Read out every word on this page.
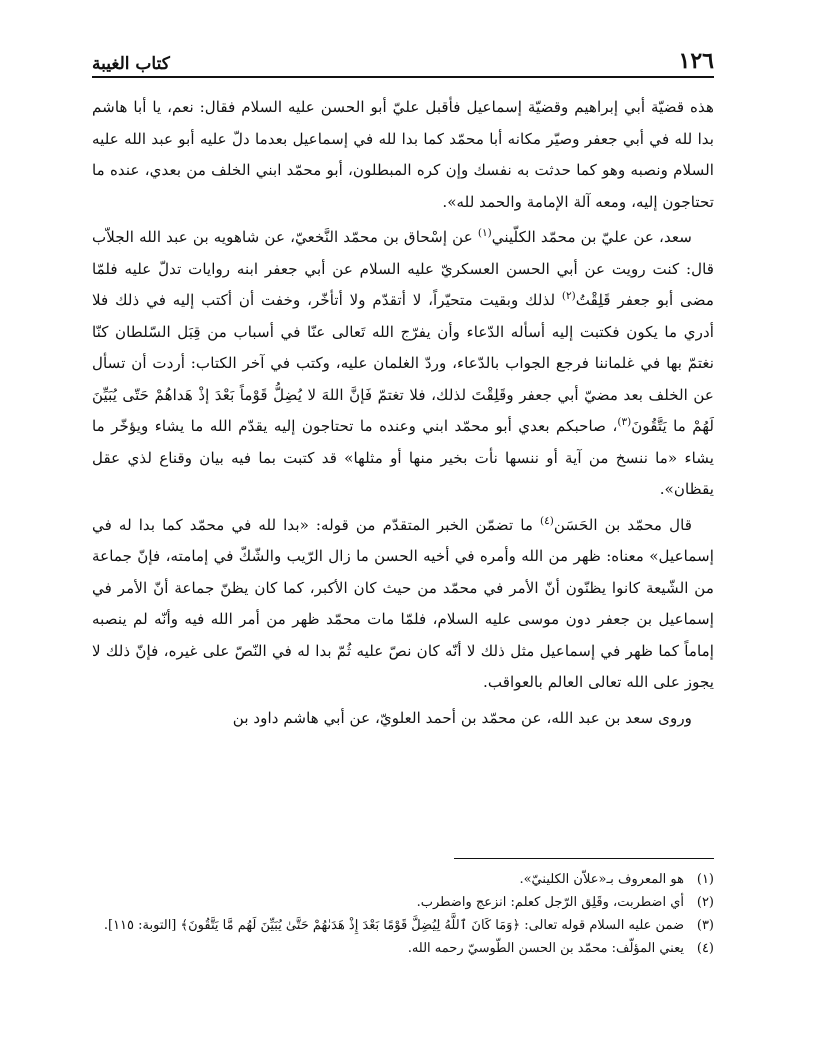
١٢٦
كتاب الغيبة

هذه قضيّة أبي إبراهيم وقضيّة إسماعيل فأقبل عليّ أبو الحسن عليه السلام فقال: نعم، يا أبا هاشم بدا لله في أبي جعفر وصيّر مكانه أبا محمّد كما بدا لله في إسماعيل بعدما دلّ عليه أبو عبد الله عليه السلام ونصبه وهو كما حدثت به نفسك وإن كره المبطلون، أبو محمّد ابني الخلف من بعدي، عنده ما تحتاجون إليه، ومعه آلة الإمامة والحمد لله».

سعد، عن عليّ بن محمّد الكلّيني$^{(١)}$ عن إسْحاق بن محمّد النَّخعيّ، عن شاهويه بن عبد الله الجلاّب قال: كنت رويت عن أبي الحسن العسكريّ عليه السلام عن أبي جعفر ابنه روايات تدلّ عليه فلمّا مضى أبو جعفر قَلِقْتُ$^{(٢)}$ لذلك وبقيت متحيّراً، لا أتقدّم ولا أتأخّر، وخفت أن أكتب إليه في ذلك فلا أدري ما يكون فكتبت إليه أسأله الدّعاء وأن يفرّج الله تَعالى عنّا في أسباب من قِبَل السّلطان كنّا نغتمّ بها في غلماننا فرجع الجواب بالدّعاء، وردّ الغلمان عليه، وكتب في آخر الكتاب: أردت أن تسأل عن الخلف بعد مضيّ أبي جعفر وقَلِقْتَ لذلك، فلا تغتمّ فَإنَّ اللهَ لا يُضِلُّ قَوْماً بَعْدَ إذْ هَداهُمْ حَتّى يُبَيِّنَ لَهُمْ ما يَتَّقُونَ$^{(٣)}$، صاحبكم بعدي أبو محمّد ابني وعنده ما تحتاجون إليه يقدّم الله ما يشاء ويؤخّر ما يشاء «ما ننسخ من آية أو ننسها نأت بخير منها أو مثلها» قد كتبت بما فيه بيان وقناع لذي عقل يقظان».

قال محمّد بن الحَسَن$^{(٤)}$ ما تضمّن الخبر المتقدّم من قوله: «بدا لله في محمّد كما بدا له في إسماعيل» معناه: ظهر من الله وأمره في أخيه الحسن ما زال الرّيب والشّكّ في إمامته، فإنّ جماعة من الشّيعة كانوا يظنّون أنّ الأمر في محمّد من حيث كان الأكبر، كما كان يظنّ جماعة أنّ الأمر في إسماعيل بن جعفر دون موسى عليه السلام، فلمّا مات محمّد ظهر من أمر الله فيه وأنّه لم ينصبه إماماً كما ظهر في إسماعيل مثل ذلك لا أنّه كان نصّ عليه ثُمّ بدا له في النّصّ على غيره، فإنّ ذلك لا يجوز على الله تعالى العالم بالعواقب.

وروى سعد بن عبد الله، عن محمّد بن أحمد العلويّ، عن أبي هاشم داود بن

(١)
هو المعروف بـ«علاّن الكلينيّ».
(٢)
أي اضطربت، وقَلِق الرّجل كعلم: انزعج واضطرب.
(٣)
ضمن عليه السلام قوله تعالى: ﴿وَمَا كَانَ ٱللَّهُ لِيُضِلَّ قَوْمًا بَعْدَ إِذْ هَدَىٰهُمْ حَتَّىٰ يُبَيِّنَ لَهُم مَّا يَتَّقُونَ﴾ [التوبة: ١١٥].
(٤)
يعني المؤلّف: محمّد بن الحسن الطّوسيّ رحمه الله.
